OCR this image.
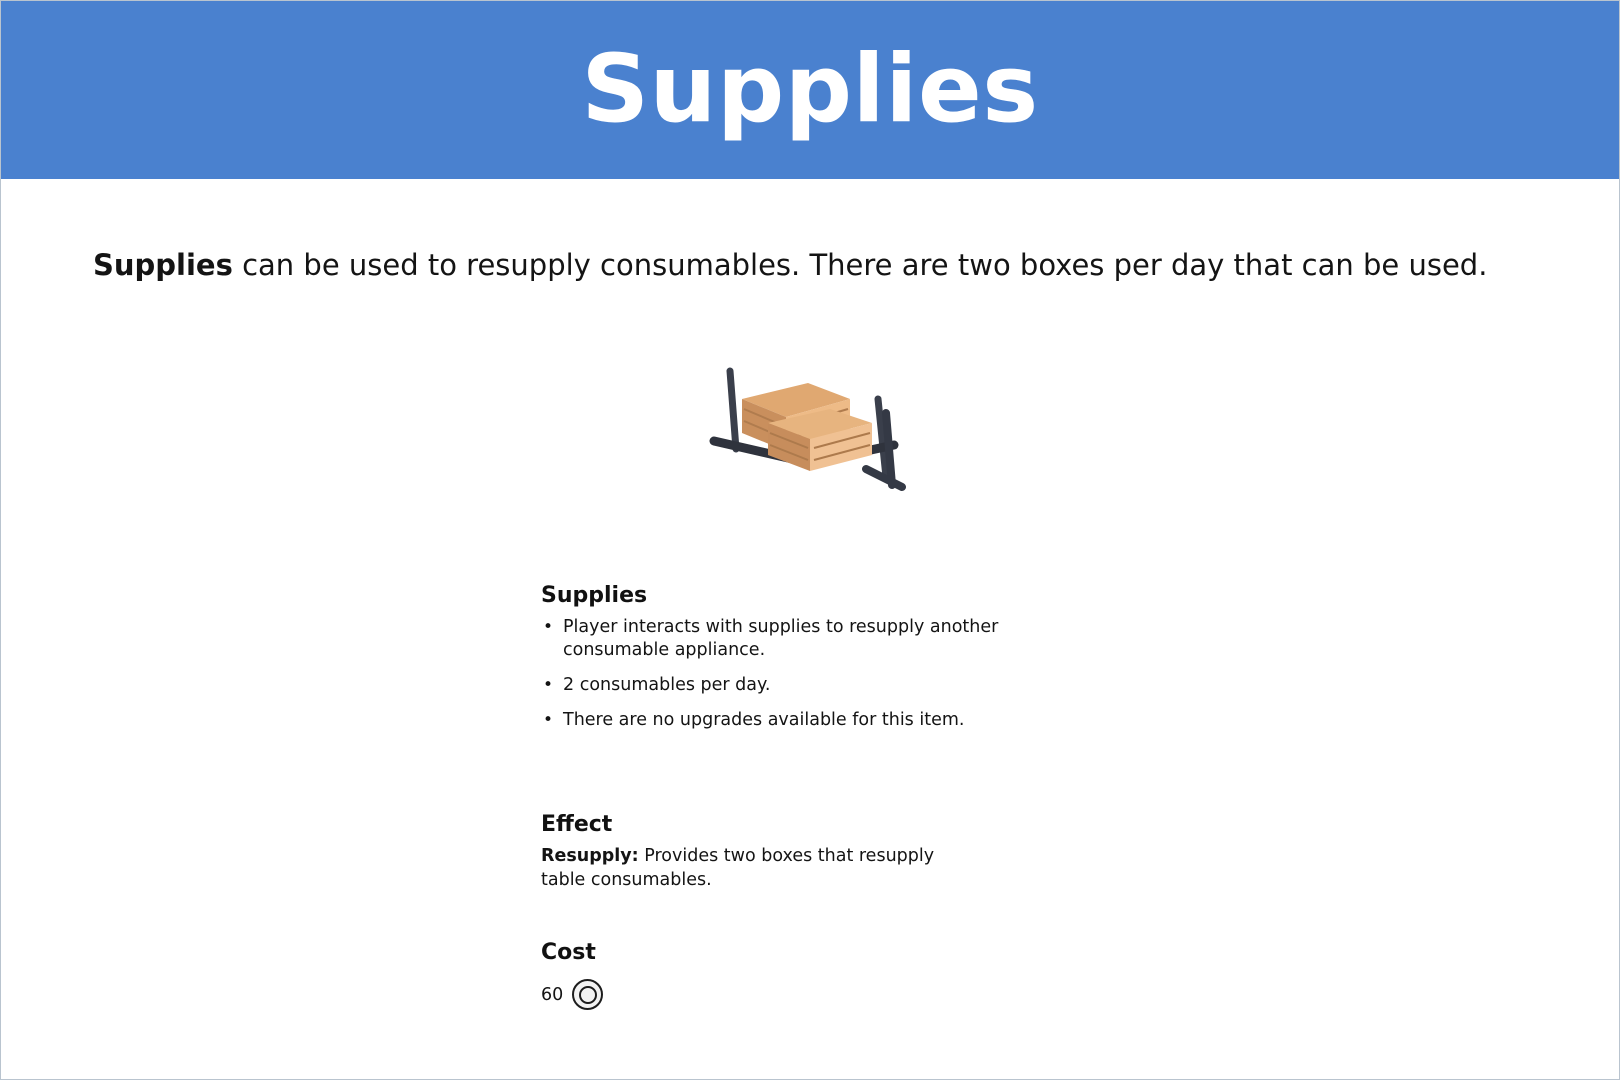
Supplies

Supplies can be used to resupply consumables. There are two boxes per day that can be used.

Supplies
• Player interacts with supplies to resupply another consumable appliance.
• 2 consumables per day.
• There are no upgrades available for this item.
Effect
Resupply: Provides two boxes that resupply table consumables.
Cost
60
